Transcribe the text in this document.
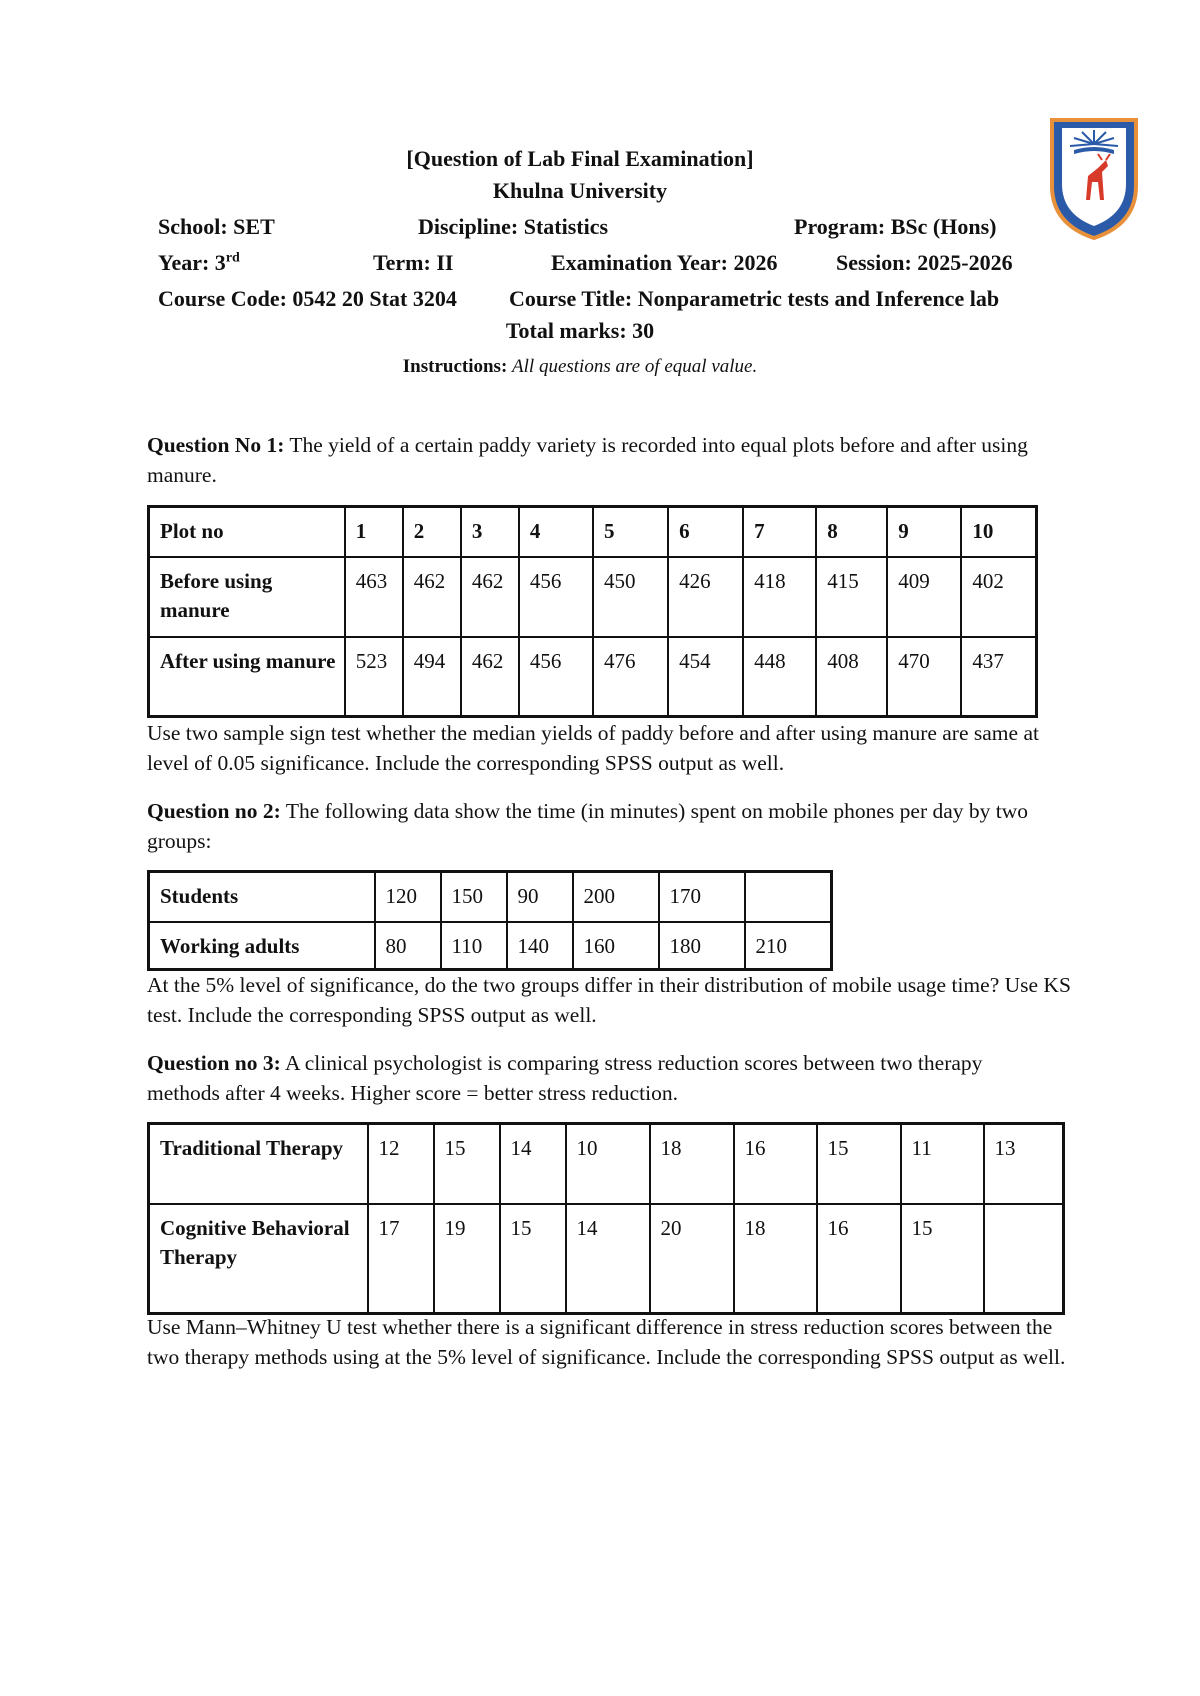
খুলনা
[Question of Lab Final Examination]
Khulna University
School: SET	Discipline: Statistics	Program: BSc (Hons)
Year: 3rd	Term: II	Examination Year: 2026	Session: 2025-2026
Course Code: 0542 20 Stat 3204 Course Title: Nonparametric tests and Inference lab
Total marks: 30
Instructions: All questions are of equal value.
Question No 1: The yield of a certain paddy variety is recorded into equal plots before and after using manure.
Plot no	1	2	3	4	5	6	7	8	9	10
Before using manure	463	462	462	456	450	426	418	415	409	402
After using manure	523	494	462	456	476	454	448	408	470	437
Use two sample sign test whether the median yields of paddy before and after using manure are same at level of 0.05 significance. Include the corresponding SPSS output as well.
Question no 2: The following data show the time (in minutes) spent on mobile phones per day by two groups:
Students	120	150	90	200	170	
Working adults	80	110	140	160	180	210
At the 5% level of significance, do the two groups differ in their distribution of mobile usage time? Use KS test. Include the corresponding SPSS output as well.
Question no 3: A clinical psychologist is comparing stress reduction scores between two therapy methods after 4 weeks. Higher score = better stress reduction.
Traditional Therapy	12	15	14	10	18	16	15	11	13
Cognitive Behavioral Therapy	17	19	15	14	20	18	16	15	
Use Mann–Whitney U test whether there is a significant difference in stress reduction scores between the two therapy methods using at the 5% level of significance. Include the corresponding SPSS output as well.
